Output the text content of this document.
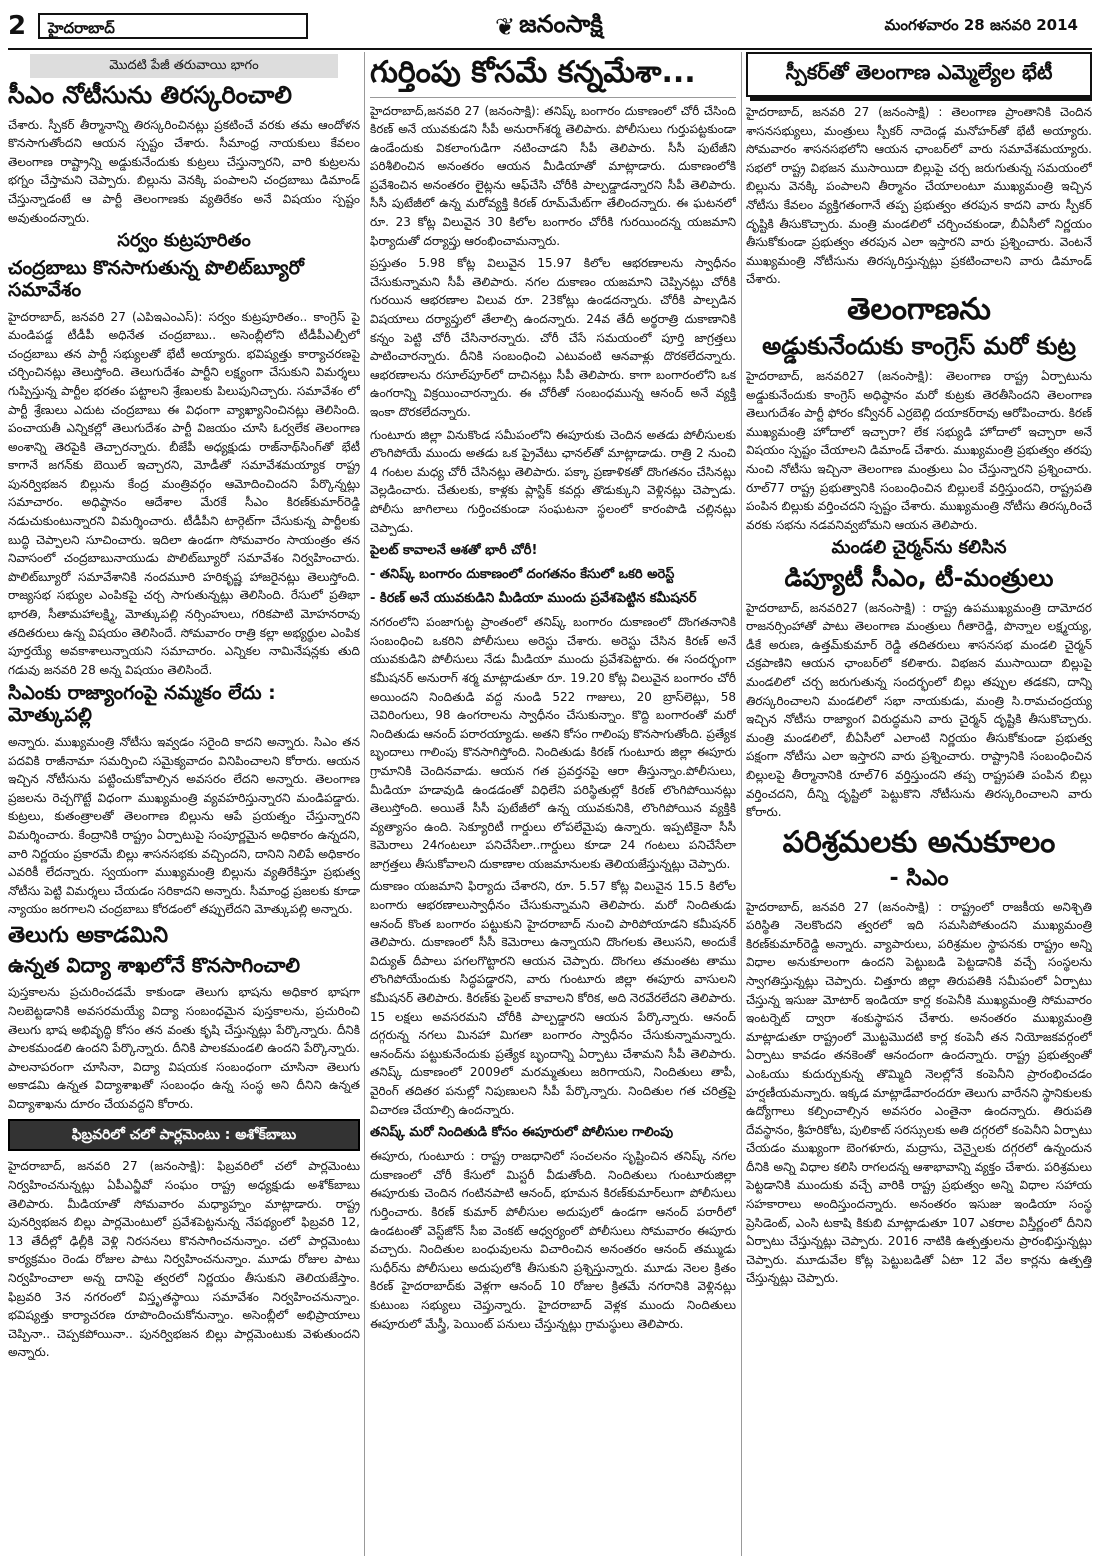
2	హైదరాబాద్	❦ జనంసాక్షి	మంగళవారం 28 జనవరి 2014
మొదటి పేజీ తరువాయి భాగం
సీఎం నోటీసును తిరస్కరించాలి

చేశారు. స్పీకర్ తీర్మానాన్ని తిరస్కరించినట్లు ప్రకటించే వరకు తమ ఆందోళన కొనసాగుతోందని ఆయన స్పష్టం చేశారు. సీమాంధ్ర నాయకులు కేవలం తెలంగాణ రాష్ట్రాన్ని అడ్డుకునేందుకు కుట్రలు చేస్తున్నారని, వారి కుట్రలను భగ్నం చేస్తామని చెప్పారు. బిల్లును వెనక్కి పంపాలని చంద్రబాబు డిమాండ్ చేస్తున్నాడంటే ఆ పార్టీ తెలంగాణకు వ్యతిరేకం అనే విషయం స్పష్టం అవుతుందన్నారు.

సర్వం కుట్రపూరితం
చంద్రబాబు కొనసాగుతున్న పొలిట్‌బ్యూరో సమావేశం

హైదరాబాద్, జనవరి 27 (ఎపిఇఎంఎస్): సర్వం కుట్రపూరితం.. కాంగ్రెస్ పై మండిపడ్డ టీడీపీ అధినేత చంద్రబాబు.. అసెంబ్లీలోని టీడీపీఎల్పీలో చంద్రబాబు తన పార్టీ సభ్యులతో భేటీ అయ్యారు. భవిష్యత్తు కార్యాచరణపై చర్చించినట్లు తెలుస్తోంది. తెలుగుదేశం పార్టీని లక్ష్యంగా చేసుకుని విమర్శలు గుప్పిస్తున్న పార్టీల భరతం పట్టాలని శ్రేణులకు పిలుపునిచ్చారు. సమావేశం లో పార్టీ శ్రేణులు ఎదుట చంద్రబాబు ఈ విధంగా వ్యాఖ్యానించినట్లు తెలిసింది. పంచాయతీ ఎన్నికల్లో తెలుగుదేశం పార్టీ విజయం చూసి ఓర్వలేక తెలంగాణ అంశాన్ని తెరపైకి తెచ్చారన్నారు. బీజేపీ అధ్యక్షుడు రాజ్‌నాథ్‌సింగ్‌తో భేటీ కాగానే జగన్‌కు బెయిల్ ఇచ్చారని, మోడీతో సమావేశమయ్యాక రాష్ట్ర పునర్విభజన బిల్లును కేంద్ర మంత్రివర్గం ఆమోదించిందని పేర్కొన్నట్లు సమాచారం. అధిష్ఠానం ఆదేశాల మేరకే సీఎం కిరణ్‌కుమార్‌రెడ్డి నడుచుకుంటున్నారని విమర్శించారు. టీడీపీని టార్గెట్‌గా చేసుకున్న పార్టీలకు బుద్ధి చెప్పాలని సూచించారు. ఇదిలా ఉండగా సోమవారం సాయంత్రం తన నివాసంలో చంద్రబాబునాయుడు పొలిట్‌బ్యూరో సమావేశం నిర్వహించారు. పొలిట్‌బ్యూరో సమావేశానికి నందమూరి హరికృష్ణ హాజరైనట్లు తెలుస్తోంది. రాజ్యసభ సభ్యుల ఎంపికపై చర్చ సాగుతున్నట్లు తెలిసింది. రేసులో ప్రతిభా భారతి, సీతామహాలక్ష్మి, మోత్కుపల్లి నర్సింహులు, గరికపాటి మోహనరావు తదితరులు ఉన్న విషయం తెలిసిందే. సోమవారం రాత్రి కల్లా అభ్యర్థుల ఎంపిక పూర్తయ్యే అవకాశాలున్నాయని సమాచారం. ఎన్నికల నామినేషన్లకు తుది గడువు జనవరి 28 అన్న విషయం తెలిసిందే.

సిఎంకు రాజ్యాంగంపై నమ్మకం లేదు : మోత్కుపల్లి

అన్నారు. ముఖ్యమంత్రి నోటీసు ఇవ్వడం సరైంది కాదని అన్నారు. సిఎం తన పదవికి రాజీనామా సమర్పించి సమైక్యవాదం వినిపించాలని కోరారు. ఆయన ఇచ్చిన నోటీసును పట్టించుకోవాల్సిన అవసరం లేదని అన్నారు. తెలంగాణ ప్రజలను రెచ్చగొట్టే విధంగా ముఖ్యమంత్రి వ్యవహరిస్తున్నారని మండిపడ్డారు. కుట్రలు, కుతంత్రాలతో తెలంగాణ బిల్లును ఆపే ప్రయత్నం చేస్తున్నారని విమర్శించారు. కేంద్రానికి రాష్ట్రం ఏర్పాటుపై సంపూర్ణమైన అధికారం ఉన్నదని, వారి నిర్ణయం ప్రకారమే బిల్లు శాసనసభకు వచ్చిందని, దానిని నిలిపే అధికారం ఎవరికీ లేదన్నారు. స్వయంగా ముఖ్యమంత్రి బిల్లును వ్యతిరేకిస్తూ ప్రభుత్వ నోటీసు పెట్టి విమర్శలు చేయడం సరికాదని అన్నారు. సీమాంధ్ర ప్రజలకు కూడా న్యాయం జరగాలని చంద్రబాబు కోరడంలో తప్పులేదని మోత్కుపల్లి అన్నారు.

తెలుగు అకాడమిని
ఉన్నత విద్యా శాఖలోనే కొనసాగించాలి

పుస్తకాలను ప్రచురించడమే కాకుండా తెలుగు భాషను అధికార భాషగా నిలబెట్టడానికి అవసరమయ్యే విద్యా సంబంధమైన పుస్తకాలను, ప్రచురించి తెలుగు భాష అభివృద్ధి కోసం తన వంతు కృషి చేస్తున్నట్లు పేర్కొన్నారు. దీనికి పాలకమండలి ఉందని పేర్కొన్నారు. దీనికి పాలకమండలి ఉందని పేర్కొన్నారు. పాలనాపరంగా చూసినా, విద్యా విషయక సంబంధంగా చూసినా తెలుగు అకాడమి ఉన్నత విద్యాశాఖతో సంబంధం ఉన్న సంస్థ అని దీనిని ఉన్నత విద్యాశాఖను దూరం చేయవద్దని కోరారు.

ఫిబ్రవరిలో చలో పార్లమెంటు : అశోక్‌బాబు

హైదరాబాద్, జనవరి 27 (జనంసాక్షి): ఫిబ్రవరిలో చలో పార్లమెంటు నిర్వహించనున్నట్లు ఏపీఎన్జీవో సంఘం రాష్ట్ర అధ్యక్షుడు అశోక్‌బాబు తెలిపారు. మీడియాతో సోమవారం మధ్యాహ్నం మాట్లాడారు. రాష్ట్ర పునర్విభజన బిల్లు పార్లమెంటులో ప్రవేశపెట్టనున్న నేపథ్యంలో ఫిబ్రవరి 12, 13 తేదీల్లో ఢిల్లీకి వెళ్లి నిరసనలు కొనసాగించనున్నాం. చలో పార్లమెంటు కార్యక్రమం రెండు రోజుల పాటు నిర్వహించనున్నాం. మూడు రోజుల పాటు నిర్వహించాలా అన్న దానిపై త్వరలో నిర్ణయం తీసుకుని తెలియజేస్తాం. ఫిబ్రవరి 3న నగరంలో విస్తృతస్థాయి సమావేశం నిర్వహించనున్నాం. భవిష్యత్తు కార్యాచరణ రూపొందించుకోనున్నాం. అసెంబ్లీలో అభిప్రాయాలు చెప్పినా.. చెప్పకపోయినా.. పునర్విభజన బిల్లు పార్లమెంటుకు వెళుతుందని అన్నారు.

గుర్తింపు కోసమే కన్నమేశా...

హైదరాబాద్,జనవరి 27 (జనంసాక్షి): తనిష్క్ బంగారం దుకాణంలో చోరీ చేసింది కిరణ్ అనే యువకుడని సీపీ అనురాగ్‌శర్మ తెలిపారు. పోలీసులు గుర్తుపట్టకుండా ఉండేందుకు వికలాంగుడిగా నటించాడని సీపీ తెలిపారు. సీసీ పుటేజీని పరిశీలించిన అనంతరం ఆయన మీడియాతో మాట్లాడారు. దుకాణంలోకి ప్రవేశించిన అనంతరం లైట్లను ఆఫ్‌చేసి చోరీకి పాల్పడ్డాడన్నారని సీపీ తెలిపారు. సీసీ పుటేజీలో ఉన్న మరోవ్యక్తి కిరణ్ రూమ్‌మేట్‌గా తేలిందన్నారు. ఈ ఘటనలో రూ. 23 కోట్ల విలువైన 30 కిలోల బంగారం చోరీకి గురయిందన్న యజమాని ఫిర్యాదుతో దర్యాప్తు ఆరంభించామన్నారు.

ప్రస్తుతం 5.98 కోట్ల విలువైన 15.97 కిలోల ఆభరణాలను స్వాధీనం చేసుకున్నామని సీపీ తెలిపారు. నగల దుకాణం యజమాని చెప్పినట్లు చోరీకి గురయిన ఆభరణాల విలువ రూ. 23కోట్లు ఉండదన్నారు. చోరీకి పాల్పడిన విషయాలు దర్యాప్తులో తేలాల్సి ఉందన్నారు. 24వ తేదీ అర్థరాత్రి దుకాణానికి కన్నం పెట్టి చోరీ చేసినారన్నారు. చోరీ చేసే సమయంలో పూర్తి జాగ్రత్తలు పాటించారన్నారు. దీనికి సంబంధించి ఎటువంటి ఆనవాళ్లు దొరకలేదన్నారు. ఆభరణాలను రసూల్‌పూర్‌లో దాచినట్లు సీపీ తెలిపారు. కాగా బంగారంలోని ఒక ఉంగరాన్ని విక్రయించారన్నారు. ఈ చోరీతో సంబంధమున్న ఆనంద్ అనే వ్యక్తి ఇంకా దొరకలేదన్నారు.

గుంటూరు జిల్లా వినుకొండ సమీపంలోని ఈపూరుకు చెందిన అతడు పోలీసులకు లొంగిపోయే ముందు అతడు ఒక ప్రైవేటు ఛానల్‌తో మాట్లాడాడు. రాత్రి 2 నుంచి 4 గంటల మధ్య చోరీ చేసినట్లు తెలిపారు. పక్కా ప్రణాళికతో దొంగతనం చేసినట్లు వెల్లడించారు. చేతులకు, కాళ్లకు ప్లాస్టిక్ కవర్లు తొడుక్కుని వెళ్లినట్లు చెప్పాడు. పోలీసు జాగిలాలు గుర్తించకుండా సంఘటనా స్థలంలో కారంపొడి చల్లినట్లు చెప్పాడు.

పైలట్ కావాలనే ఆశతో భారీ చోరీ!
- తనిష్క్ బంగారం దుకాణంలో దంగతనం కేసులో ఒకరి అరెస్ట్
- కిరణ్ అనే యువకుడిని మీడియా ముందు ప్రవేశపెట్టిన కమీషనర్

నగరంలోని పంజాగుట్ట ప్రాంతంలో తనిష్క్ బంగారం దుకాణంలో దొంగతనానికి సంబంధించి ఒకరిని పోలీసులు అరెస్టు చేశారు. అరెస్టు చేసిన కిరణ్ అనే యువకుడిని పోలీసులు నేడు మీడియా ముందు ప్రవేశపెట్టారు. ఈ సందర్భంగా కమీషనర్ అనురాగ్ శర్మ మాట్లాడుతూ రూ. 19.20 కోట్ల విలువైన బంగారం చోరీ అయిందని నిందితుడి వద్ద నుండి 522 గాజులు, 20 బ్రాస్‌లెట్లు, 58 చెవిరింగులు, 98 ఉంగరాలను స్వాధీనం చేసుకున్నాం. కొద్ది బంగారంతో మరో నిందితుడు ఆనంద్ పరారయ్యాడు. అతని కోసం గాలింపు కొనసాగుతోంది. ప్రత్యేక బృందాలు గాలింపు కొనసాగిస్తోంది. నిందితుడు కిరణ్ గుంటూరు జిల్లా ఈపూరు గ్రామానికి చెందినవాడు. ఆయన గత ప్రవర్తనపై ఆరా తీస్తున్నాం.పోలీసులు, మీడియా హడావుడి ఉండడంతో విధిలేని పరిస్థితుల్లో కిరణ్ లొంగిపోయినట్లు తెలుస్తోంది. అయితే సీసీ పుటేజీలో ఉన్న యువకునికి, లొంగిపోయిన వ్యక్తికి వ్యత్యాసం ఉంది. సెక్యూరిటీ గార్డులు లోపలేమైపు ఉన్నారు. ఇప్పటికైనా సీసీ కెమెరాలు 24గంటలూ పనిచేసేలా..గార్డులు కూడా 24 గంటలు పనిచేసేలా జాగ్రత్తలు తీసుకోవాలని దుకాణాల యజమానులకు తెలియజేస్తున్నట్లు చెప్పారు.

దుకాణం యజమాని ఫిర్యాదు చేశారని, రూ. 5.57 కోట్ల విలువైన 15.5 కిలోల బంగారు ఆభరణాలుస్వాధీనం చేసుకున్నామని తెలిపారు. మరో నిందితుడు ఆనంద్ కొంత బంగారం పట్టుకుని హైదరాబాద్ నుంచి పారిపోయాడని కమీషనర్ తెలిపారు. దుకాణంలో సీసీ కెమెరాలు ఉన్నాయని దొంగలకు తెలుసని, అందుకే విద్యుత్ దీపాలు పగలగొట్టారని ఆయన చెప్పారు. దొంగలు తమంతట తాము లొంగిపోయేందుకు సిద్ధపడ్డారని, వారు గుంటూరు జిల్లా ఈపూరు వాసులని కమీషనర్ తెలిపారు. కిరణ్‌కు పైలట్ కావాలని కోరిక, అది నెరవేరలేదని తెలిపారు. 15 లక్షలు అవసరమని చోరీకి పాల్పడ్డారని ఆయన పేర్కొన్నారు. ఆనంద్ దగ్గరున్న నగలు మినహా మిగతా బంగారం స్వాధీనం చేసుకున్నామన్నారు. ఆనంద్‌ను పట్టుకునేందుకు ప్రత్యేక బృందాన్ని ఏర్పాటు చేశామని సీపీ తెలిపారు. తనిష్క్ దుకాణంలో 2009లో మరమ్మతులు జరిగాయని, నిందితులు తాపీ, వైరింగ్ తదితర పనుల్లో నిపుణులని సీపీ పేర్కొన్నారు. నిందితుల గత చరిత్రపై విచారణ చేయాల్సి ఉందన్నారు.

తనిష్క్ మరో నిందితుడి కోసం ఈపూరులో పోలీసుల గాలింపు

ఈపూరు, గుంటూరు : రాష్ట్ర రాజధానిలో సంచలనం సృష్టించిన తనిష్క్ నగల దుకాణంలో చోరీ కేసులో మిస్టరీ వీడుతోంది. నిందితులు గుంటూరుజిల్లా ఈపూరుకు చెందిన గంటినపాటి ఆనంద్, భూమన కిరణ్‌కుమార్‌లుగా పోలీసులు గుర్తించారు. కిరణ్ కుమార్ పోలీసుల అదుపులో ఉండగా ఆనంద్ పరారీలో ఉండటంతో వెస్ట్‌జోన్ సీఐ వెంకట్ ఆధ్వర్యంలో పోలీసులు సోమవారం ఈపూరు వచ్చారు. నిందితుల బంధువులను విచారించిన అనంతరం ఆనంద్ తమ్ముడు సుధీర్‌ను పోలీసులు అదుపులోకి తీసుకుని ప్రశ్నిస్తున్నారు. మూడు నెలల క్రితం కిరణ్ హైదరాబాద్‌కు వెళ్లగా ఆనంద్ 10 రోజుల క్రితమే నగరానికి వెళ్లినట్లు కుటుంబ సభ్యులు చెప్తున్నారు. హైదరాబాద్ వెళ్లక ముందు నిందితులు ఈపూరులో మేస్త్రీ, పెయింట్ పనులు చేస్తున్నట్లు గ్రామస్థులు తెలిపారు.

స్పీకర్‌తో తెలంగాణ ఎమ్మెల్యేల భేటీ

హైదరాబాద్, జనవరి 27 (జనంసాక్షి) : తెలంగాణ ప్రాంతానికి చెందిన శాసనసభ్యులు, మంత్రులు స్పీకర్ నాదెండ్ల మనోహర్‌తో భేటీ అయ్యారు. సోమవారం శాసనసభలోని ఆయన ఛాంబర్‌లో వారు సమావేశమయ్యారు. సభలో రాష్ట్ర విభజన ముసాయిదా బిల్లుపై చర్చ జరుగుతున్న సమయంలో బిల్లును వెనక్కి పంపాలని తీర్మానం చేయాలంటూ ముఖ్యమంత్రి ఇచ్చిన నోటీసు కేవలం వ్యక్తిగతంగానే తప్ప ప్రభుత్వం తరపున కాదని వారు స్పీకర్ దృష్టికి తీసుకొచ్చారు. మంత్రి మండలిలో చర్చించకుండా, బీఏసీలో నిర్ణయం తీసుకోకుండా ప్రభుత్వం తరపున ఎలా ఇస్తారని వారు ప్రశ్నించారు. వెంటనే ముఖ్యమంత్రి నోటీసును తిరస్కరిస్తున్నట్లు ప్రకటించాలని వారు డిమాండ్ చేశారు.

తెలంగాణను
అడ్డుకునేందుకు కాంగ్రెస్ మరో కుట్ర

హైదరాబాద్, జనవరి27 (జనంసాక్షి): తెలంగాణ రాష్ట్ర ఏర్పాటును అడ్డుకునేందుకు కాంగ్రెస్ అధిష్ఠానం మరో కుట్రకు తెరతీసిందని తెలంగాణ తెలుగుదేశం పార్టీ ఫోరం కన్వీనర్ ఎర్రబెల్లి దయాకర్‌రావు ఆరోపించారు. కిరణ్ ముఖ్యమంత్రి హోదాలో ఇచ్చారా? లేక సభ్యుడి హోదాలో ఇచ్చారా అనే విషయం స్పష్టం చేయాలని డిమాండ్ చేశారు. ముఖ్యమంత్రి ప్రభుత్వం తరపు నుంచి నోటీసు ఇచ్చినా తెలంగాణ మంత్రులు ఏం చేస్తున్నారని ప్రశ్నించారు. రూల్77 రాష్ట్ర ప్రభుత్వానికి సంబంధించిన బిల్లులకే వర్తిస్తుందని, రాష్ట్రపతి పంపిన బిల్లుకు వర్తించదని స్పష్టం చేశారు. ముఖ్యమంత్రి నోటీసు తిరస్కరించే వరకు సభను నడవనివ్వబోమని ఆయన తెలిపారు.

మండలి చైర్మన్‌ను కలిసిన
డిప్యూటీ సీఎం, టీ-మంత్రులు

హైదరాబాద్, జనవరి27 (జనంసాక్షి) : రాష్ట్ర ఉపముఖ్యమంత్రి దామోదర రాజనర్సింహాతో పాటు తెలంగాణ మంత్రులు గీతారెడ్డి, పొన్నాల లక్ష్మయ్య, డీకే అరుణ, ఉత్తమ్‌కుమార్ రెడ్డి తదితరులు శాసనసభ మండలి చైర్మన్ చక్రపాణిని ఆయన ఛాంబర్‌లో కలిశారు. విభజన ముసాయిదా బిల్లుపై మండలిలో చర్చ జరుగుతున్న సందర్భంలో బిల్లు తప్పుల తడకని, దాన్ని తిరస్కరించాలని మండలిలో సభా నాయకుడు, మంత్రి సి.రామచంద్రయ్య ఇచ్చిన నోటీసు రాజ్యాంగ విరుద్ధమని వారు చైర్మన్ దృష్టికి తీసుకొచ్చారు. మంత్రి మండలిలో, బీఏసీలో ఎలాంటి నిర్ణయం తీసుకోకుండా ప్రభుత్వ పక్షంగా నోటీసు ఎలా ఇస్తారని వారు ప్రశ్నించారు. రాష్ట్రానికి సంబంధించిన బిల్లులపై తీర్మానానికి రూల్76 వర్తిస్తుందని తప్ప రాష్ట్రపతి పంపిన బిల్లు వర్తించదని, దీన్ని దృష్టిలో పెట్టుకొని నోటీసును తిరస్కరించాలని వారు కోరారు.

పరిశ్రమలకు అనుకూలం
- సిఎం

హైదరాబాద్, జనవరి 27 (జనంసాక్షి) : రాష్ట్రంలో రాజకీయ అనిశ్చితి పరిస్థితి నెలకొందని త్వరలో ఇది సమసిపోతుందని ముఖ్యమంత్రి కిరణ్‌కుమార్‌రెడ్డి అన్నారు. వ్యాపారులు, పరిశ్రమల స్థాపనకు రాష్ట్రం అన్ని విధాల అనుకూలంగా ఉందని పెట్టుబడి పెట్టడానికి వచ్చే సంస్థలను స్వాగతిస్తున్నట్లు చెప్పారు. చిత్తూరు జిల్లా తిరుపతికి సమీపంలో ఏర్పాటు చేస్తున్న ఇసుజు మోటార్ ఇండియా కార్ల కంపెనీకి ముఖ్యమంత్రి సోమవారం ఇంటర్నెట్ ద్వారా శంకుస్థాపన చేశారు. అనంతరం ముఖ్యమంత్రి మాట్లాడుతూ రాష్ట్రంలో మొట్టమొదటి కార్ల కంపెనీ తన నియోజకవర్గంలో ఏర్పాటు కావడం తనకెంతో ఆనందంగా ఉందన్నారు. రాష్ట్ర ప్రభుత్వంతో ఎంఓయు కుదుర్చుకున్న తొమ్మిది నెలల్లోనే కంపెనీని ప్రారంభించడం హర్షణీయమన్నారు. ఇక్కడ మాట్లాడేవారందరూ తెలుగు వారేనని స్థానికులకు ఉద్యోగాలు కల్పించాల్సిన అవసరం ఎంతైనా ఉందన్నారు. తిరుపతి దేవస్థానం, శ్రీహరికోట, పులికాట్ సరస్సులకు అతి దగ్గరలో కంపెనీని ఏర్పాటు చేయడం ముఖ్యంగా బెంగళూరు, మద్రాసు, చెన్నైలకు దగ్గరలో ఉన్నందున దీనికి అన్ని విధాల కలిసి రాగలదన్న ఆశాభావాన్ని వ్యక్తం చేశారు. పరిశ్రమలు పెట్టడానికి ముందుకు వచ్చే వారికి రాష్ట్ర ప్రభుత్వం అన్ని విధాల సహాయ సహకారాలు అందిస్తుందన్నారు. అనంతరం ఇసుజు ఇండియా సంస్థ ప్రెసిడెంట్, ఎంసి టకాషి కికుబి మాట్లాడుతూ 107 ఎకరాల విస్తీర్ణంలో దీనిని ఏర్పాటు చేస్తున్నట్లు చెప్పారు. 2016 నాటికి ఉత్పత్తులను ప్రారంభిస్తున్నట్లు చెప్పారు. మూడువేల కోట్ల పెట్టుబడితో ఏటా 12 వేల కార్లను ఉత్పత్తి చేస్తున్నట్లు చెప్పారు.
